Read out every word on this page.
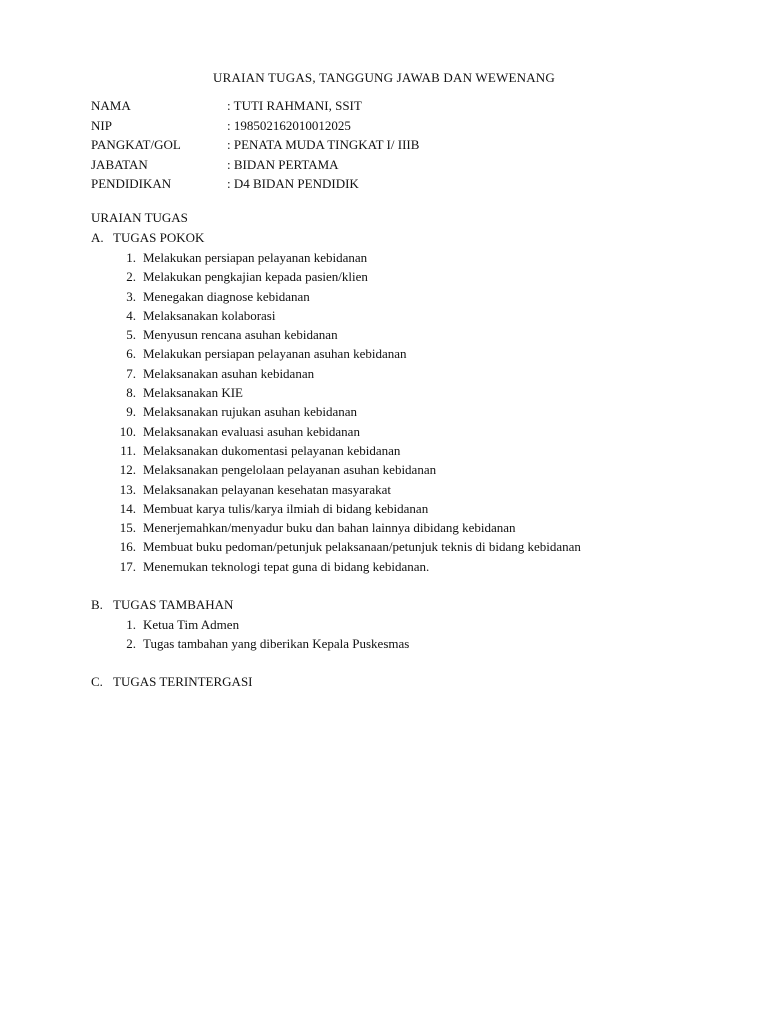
URAIAN TUGAS, TANGGUNG JAWAB DAN WEWENANG
NAMA	: TUTI RAHMANI, SSIT
NIP	: 198502162010012025
PANGKAT/GOL	: PENATA MUDA TINGKAT I/ IIIB
JABATAN	: BIDAN PERTAMA
PENDIDIKAN	: D4 BIDAN PENDIDIK
URAIAN TUGAS
A. TUGAS POKOK
1. Melakukan persiapan pelayanan kebidanan
2. Melakukan pengkajian kepada pasien/klien
3. Menegakan diagnose kebidanan
4. Melaksanakan kolaborasi
5. Menyusun rencana asuhan kebidanan
6. Melakukan persiapan pelayanan asuhan kebidanan
7. Melaksanakan asuhan kebidanan
8. Melaksanakan KIE
9. Melaksanakan rujukan asuhan kebidanan
10. Melaksanakan evaluasi asuhan kebidanan
11. Melaksanakan dukomentasi pelayanan kebidanan
12. Melaksanakan pengelolaan pelayanan asuhan kebidanan
13. Melaksanakan pelayanan kesehatan masyarakat
14. Membuat karya tulis/karya ilmiah di bidang kebidanan
15. Menerjemahkan/menyadur buku dan bahan lainnya dibidang kebidanan
16. Membuat buku pedoman/petunjuk pelaksanaan/petunjuk teknis di bidang kebidanan
17. Menemukan teknologi tepat guna di bidang kebidanan.
B. TUGAS TAMBAHAN
1. Ketua Tim Admen
2. Tugas tambahan yang diberikan Kepala Puskesmas
C. TUGAS TERINTERGASI
